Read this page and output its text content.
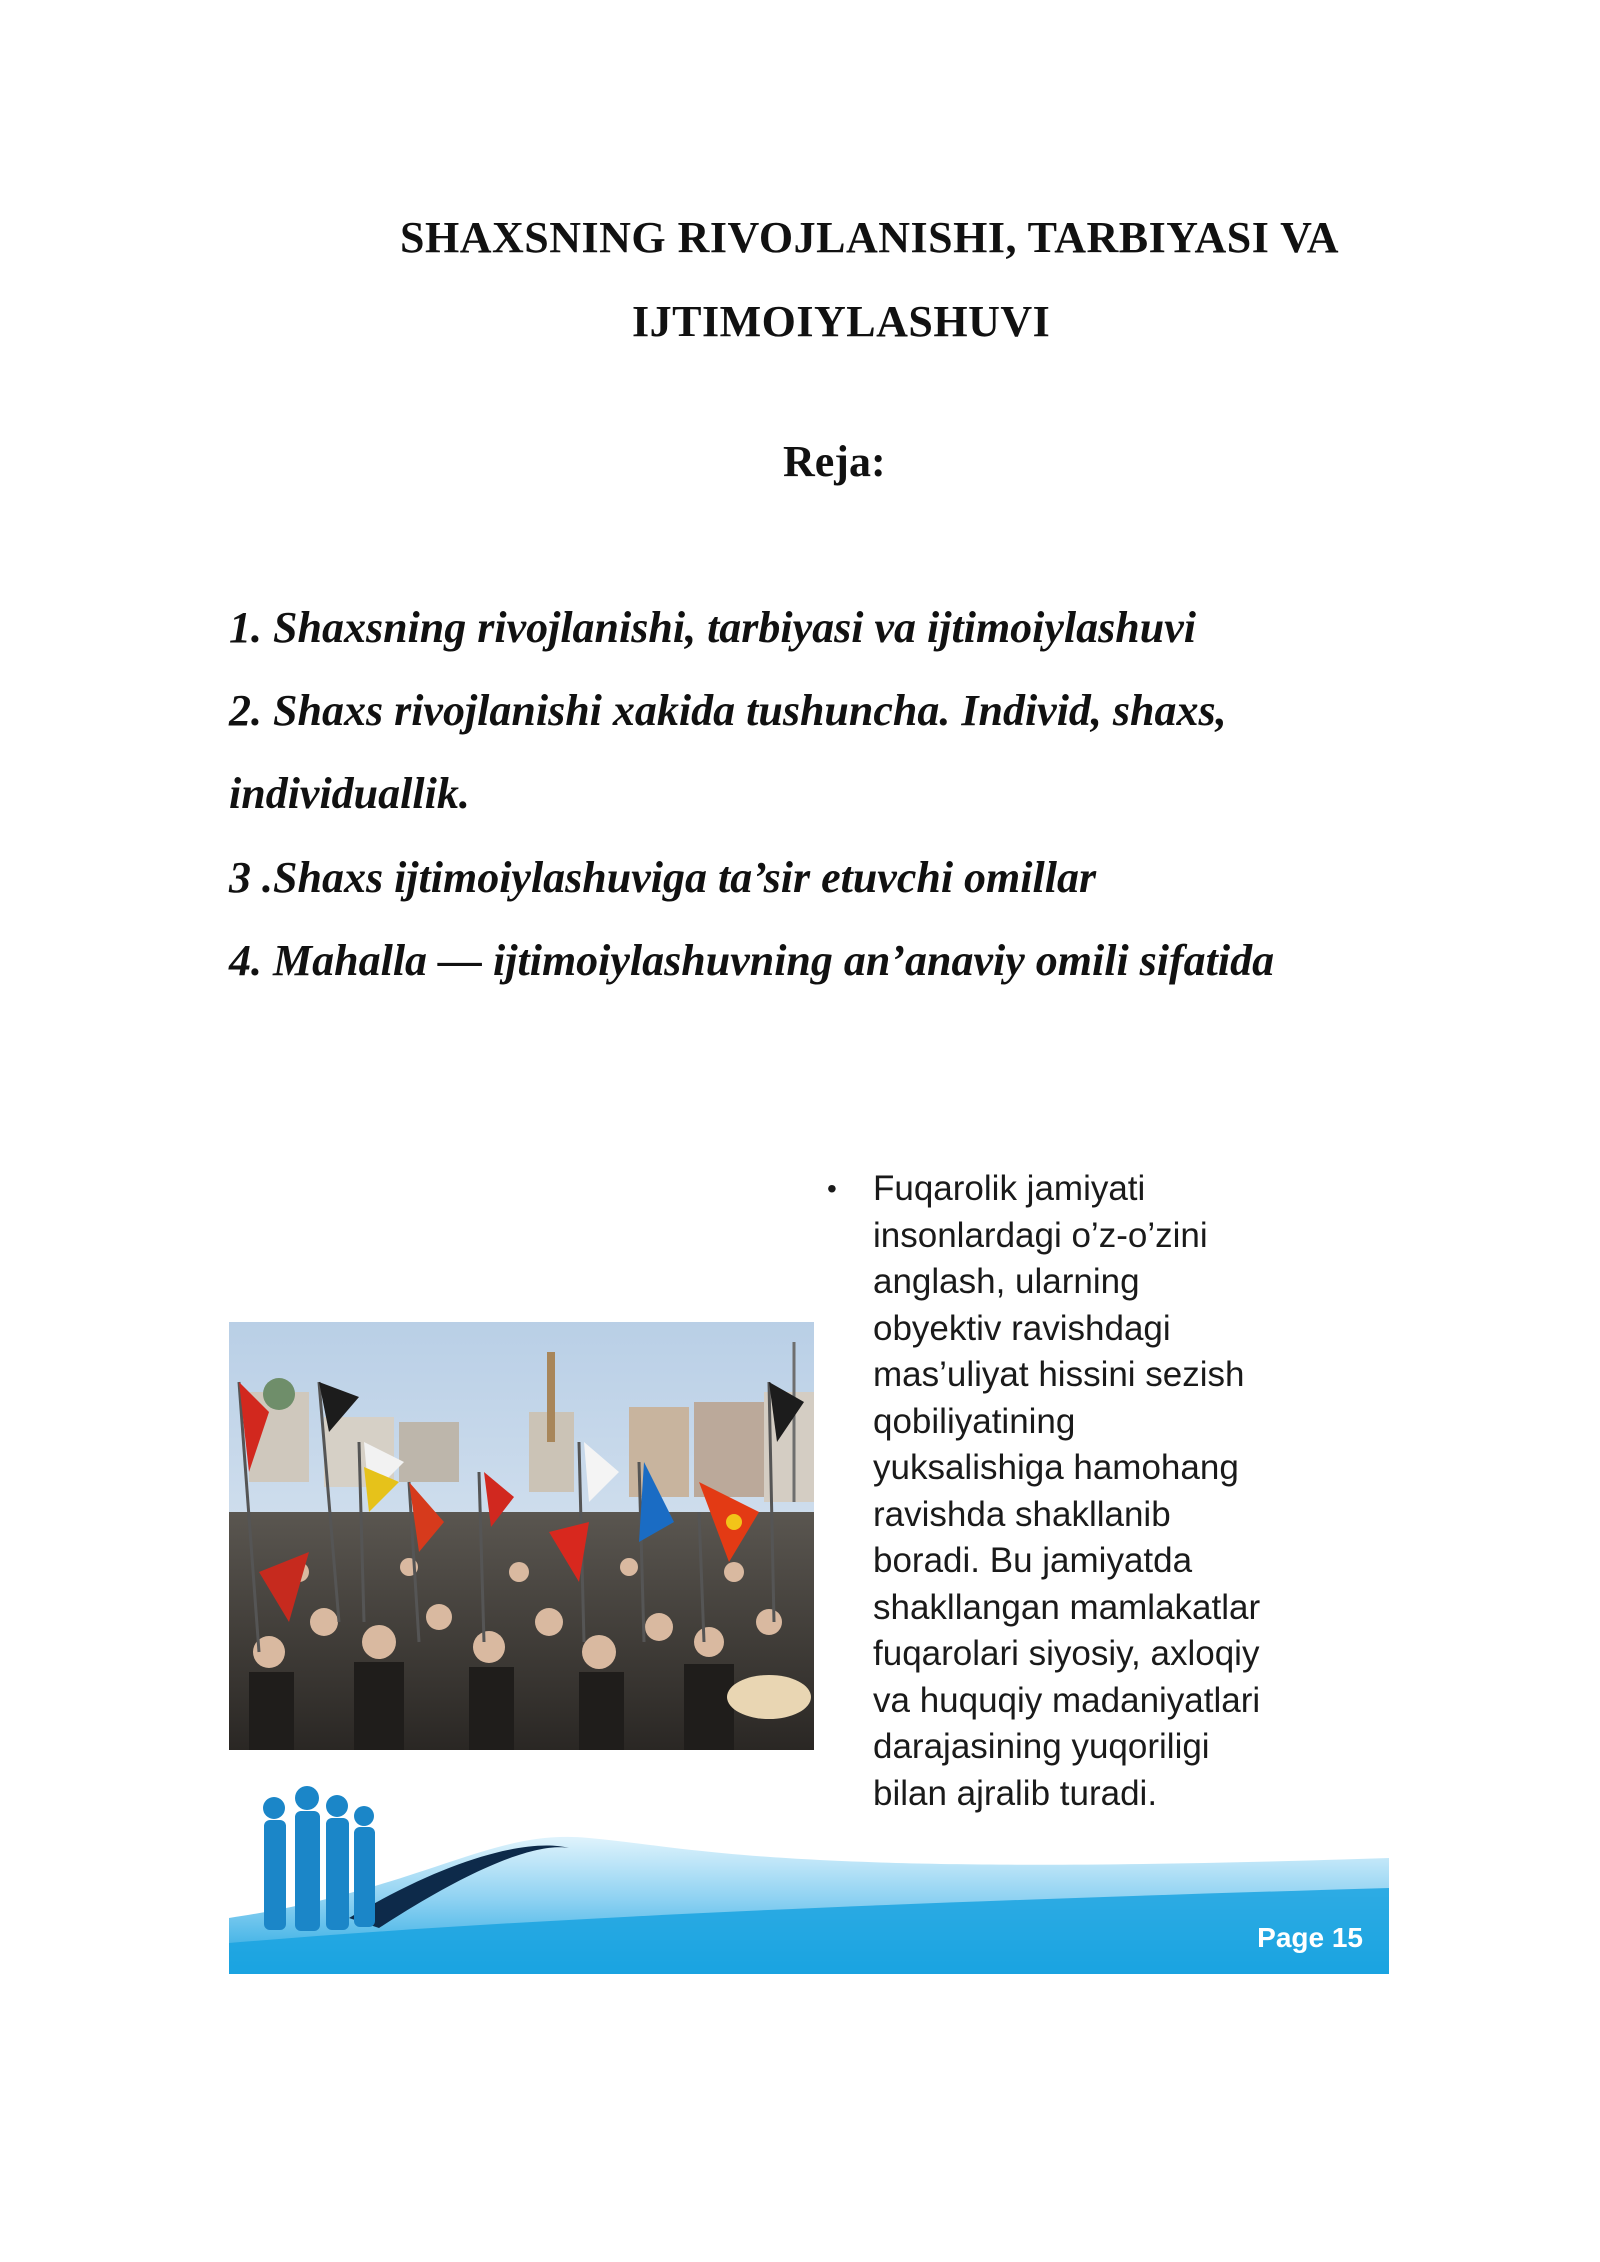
SHAXSNING RIVOJLANISHI, TARBIYASI VA
IJTIMOIYLASHUVI
Reja:
1. Shaxsning rivojlanishi, tarbiyasi va ijtimoiylashuvi
2. Shaxs rivojlanishi xakida tushuncha. Individ, shaxs,
individuallik.
3 .Shaxs ijtimoiylashuviga ta’sir etuvchi omillar
4. Mahalla — ijtimoiylashuvning an’anaviy omili sifatida
•	Fuqarolik jamiyati
insonlardagi o’z-o’zini
anglash, ularning
obyektiv ravishdagi
mas’uliyat hissini sezish
qobiliyatining
yuksalishiga hamohang
ravishda shakllanib
boradi. Bu jamiyatda
shakllangan mamlakatlar
fuqarolari siyosiy, axloqiy
va huquqiy madaniyatlari
darajasining yuqoriligi
bilan ajralib turadi.
Page 15
